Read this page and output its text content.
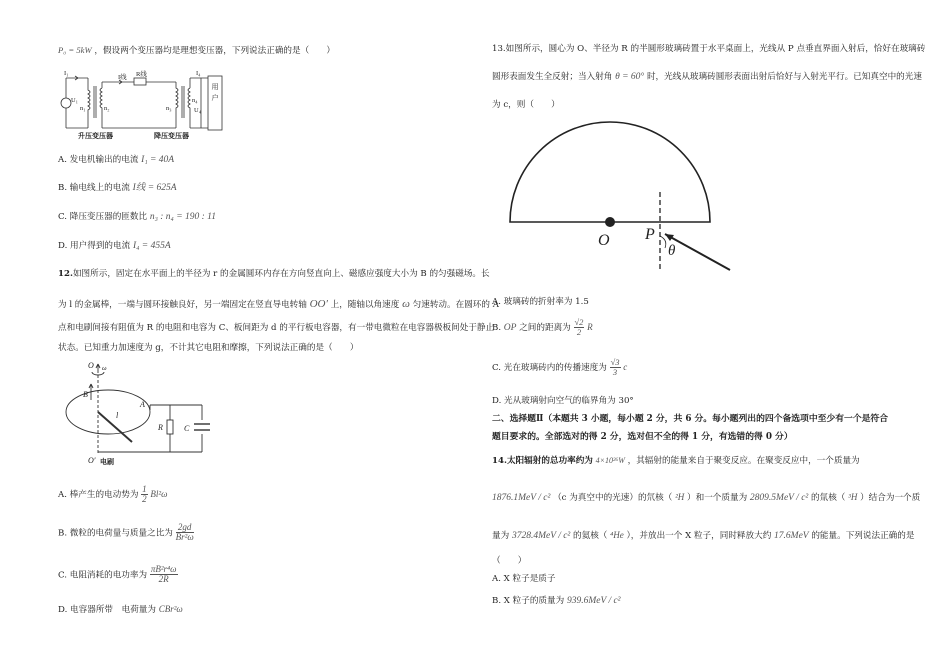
P₀ = 5kW ，假设两个变压器均是理想变压器，下列说法正确的是（　　）
I₁
U₁
n₁	n₂
I线 R线
n₃
n₄
U₄
I₄
用户
升压变压器	降压变压器
A. 发电机输出的电流 I₁ = 40A
B. 输电线上的电流 I线 = 625A
C. 降压变压器的匝数比 n₃ : n₄ = 190 : 11
D. 用户得到的电流 I₄ = 455A
12.如图所示，固定在水平面上的半径为 r 的金属圆环内存在方向竖直向上、磁感应强度大小为 B 的匀强磁场。长
为 l 的金属棒，一端与圆环接触良好，另一端固定在竖直导电转轴 OO′ 上，随轴以角速度 ω 匀速转动。在圆环的 A
点和电刷间接有阻值为 R 的电阻和电容为 C、板间距为 d 的平行板电容器，有一带电微粒在电容器极板间处于静止
状态。已知重力加速度为 g，不计其它电阻和摩擦，下列说法正确的是（　　）
O ω
B
l
A
R	C
O′ 电刷
A. 棒产生的电动势为 $\frac{1}{2} Bl^2\omega$
B. 微粒的电荷量与质量之比为 $\frac{2gd}{\text{Br²ω}}$
C. 电阻消耗的电功率为 $\frac{\text{πB²r⁴ω}}{2R}$
D. 电容器所带　电荷量为 CBr²ω
13.如图所示，圆心为 O、半径为 R 的半圆形玻璃砖置于水平桌面上，光线从 P 点垂直界面入射后，恰好在玻璃砖
圆形表面发生全反射；当入射角 θ = 60° 时，光线从玻璃砖圆形表面出射后恰好与入射光平行。已知真空中的光速
为 c，则（　　）
O P
θ
A. 玻璃砖的折射率为 1.5
B. OP 之间的距离为 $\frac{√2}{2}$ R
C. 光在玻璃砖内的传播速度为 $\frac{√3}{3}$ c
D. 光从玻璃射向空气的临界角为 30°
二、选择题Ⅱ（本题共 3 小题，每小题 2 分，共 6 分。每小题列出的四个备选项中至少有一个是符合
题目要求的。全部选对的得 2 分，选对但不全的得 1 分，有选错的得 0 分）
14.太阳辐射的总功率约为 4×10²⁶W ，其辐射的能量来自于聚变反应。在聚变反应中，一个质量为
1876.1MeV / c² （c 为真空中的光速）的氘核（ ²H ）和一个质量为 2809.5MeV / c² 的氚核（ ³H ）结合为一个质
量为 3728.4MeV / c² 的氦核（ ⁴He ），并放出一个 X 粒子，同时释放大约 17.6MeV 的能量。下列说法正确的是
（　　）
A. X 粒子是质子
B. X 粒子的质量为 939.6MeV / c²
